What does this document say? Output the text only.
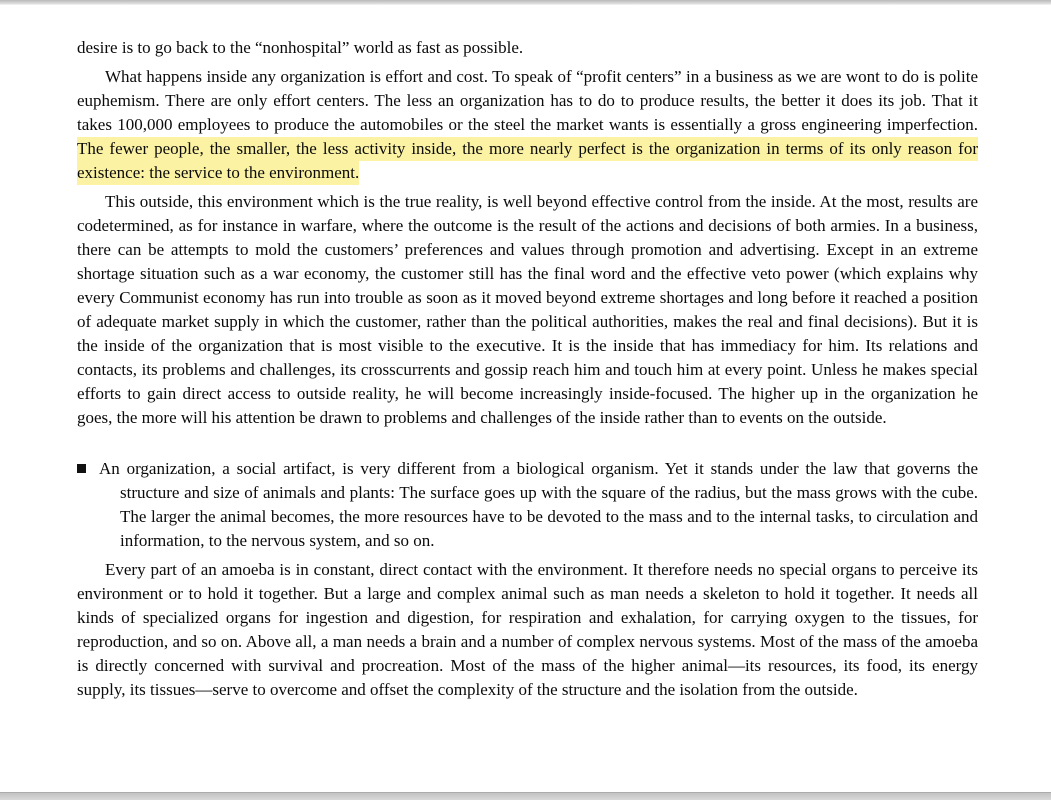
desire is to go back to the “nonhospital” world as fast as possible.

What happens inside any organization is effort and cost. To speak of “profit centers” in a business as we are wont to do is polite euphemism. There are only effort centers. The less an organization has to do to produce results, the better it does its job. That it takes 100,000 employees to produce the automobiles or the steel the market wants is essentially a gross engineering imperfection. The fewer people, the smaller, the less activity inside, the more nearly perfect is the organization in terms of its only reason for existence: the service to the environment.

This outside, this environment which is the true reality, is well beyond effective control from the inside. At the most, results are codetermined, as for instance in warfare, where the outcome is the result of the actions and decisions of both armies. In a business, there can be attempts to mold the customers’ preferences and values through promotion and advertising. Except in an extreme shortage situation such as a war economy, the customer still has the final word and the effective veto power (which explains why every Communist economy has run into trouble as soon as it moved beyond extreme shortages and long before it reached a position of adequate market supply in which the customer, rather than the political authorities, makes the real and final decisions). But it is the inside of the organization that is most visible to the executive. It is the inside that has immediacy for him. Its relations and contacts, its problems and challenges, its crosscurrents and gossip reach him and touch him at every point. Unless he makes special efforts to gain direct access to outside reality, he will become increasingly inside-focused. The higher up in the organization he goes, the more will his attention be drawn to problems and challenges of the inside rather than to events on the outside.

An organization, a social artifact, is very different from a biological organism. Yet it stands under the law that governs the structure and size of animals and plants: The surface goes up with the square of the radius, but the mass grows with the cube. The larger the animal becomes, the more resources have to be devoted to the mass and to the internal tasks, to circulation and information, to the nervous system, and so on.

Every part of an amoeba is in constant, direct contact with the environment. It therefore needs no special organs to perceive its environment or to hold it together. But a large and complex animal such as man needs a skeleton to hold it together. It needs all kinds of specialized organs for ingestion and digestion, for respiration and exhalation, for carrying oxygen to the tissues, for reproduction, and so on. Above all, a man needs a brain and a number of complex nervous systems. Most of the mass of the amoeba is directly concerned with survival and procreation. Most of the mass of the higher animal—its resources, its food, its energy supply, its tissues—serve to overcome and offset the complexity of the structure and the isolation from the outside.
